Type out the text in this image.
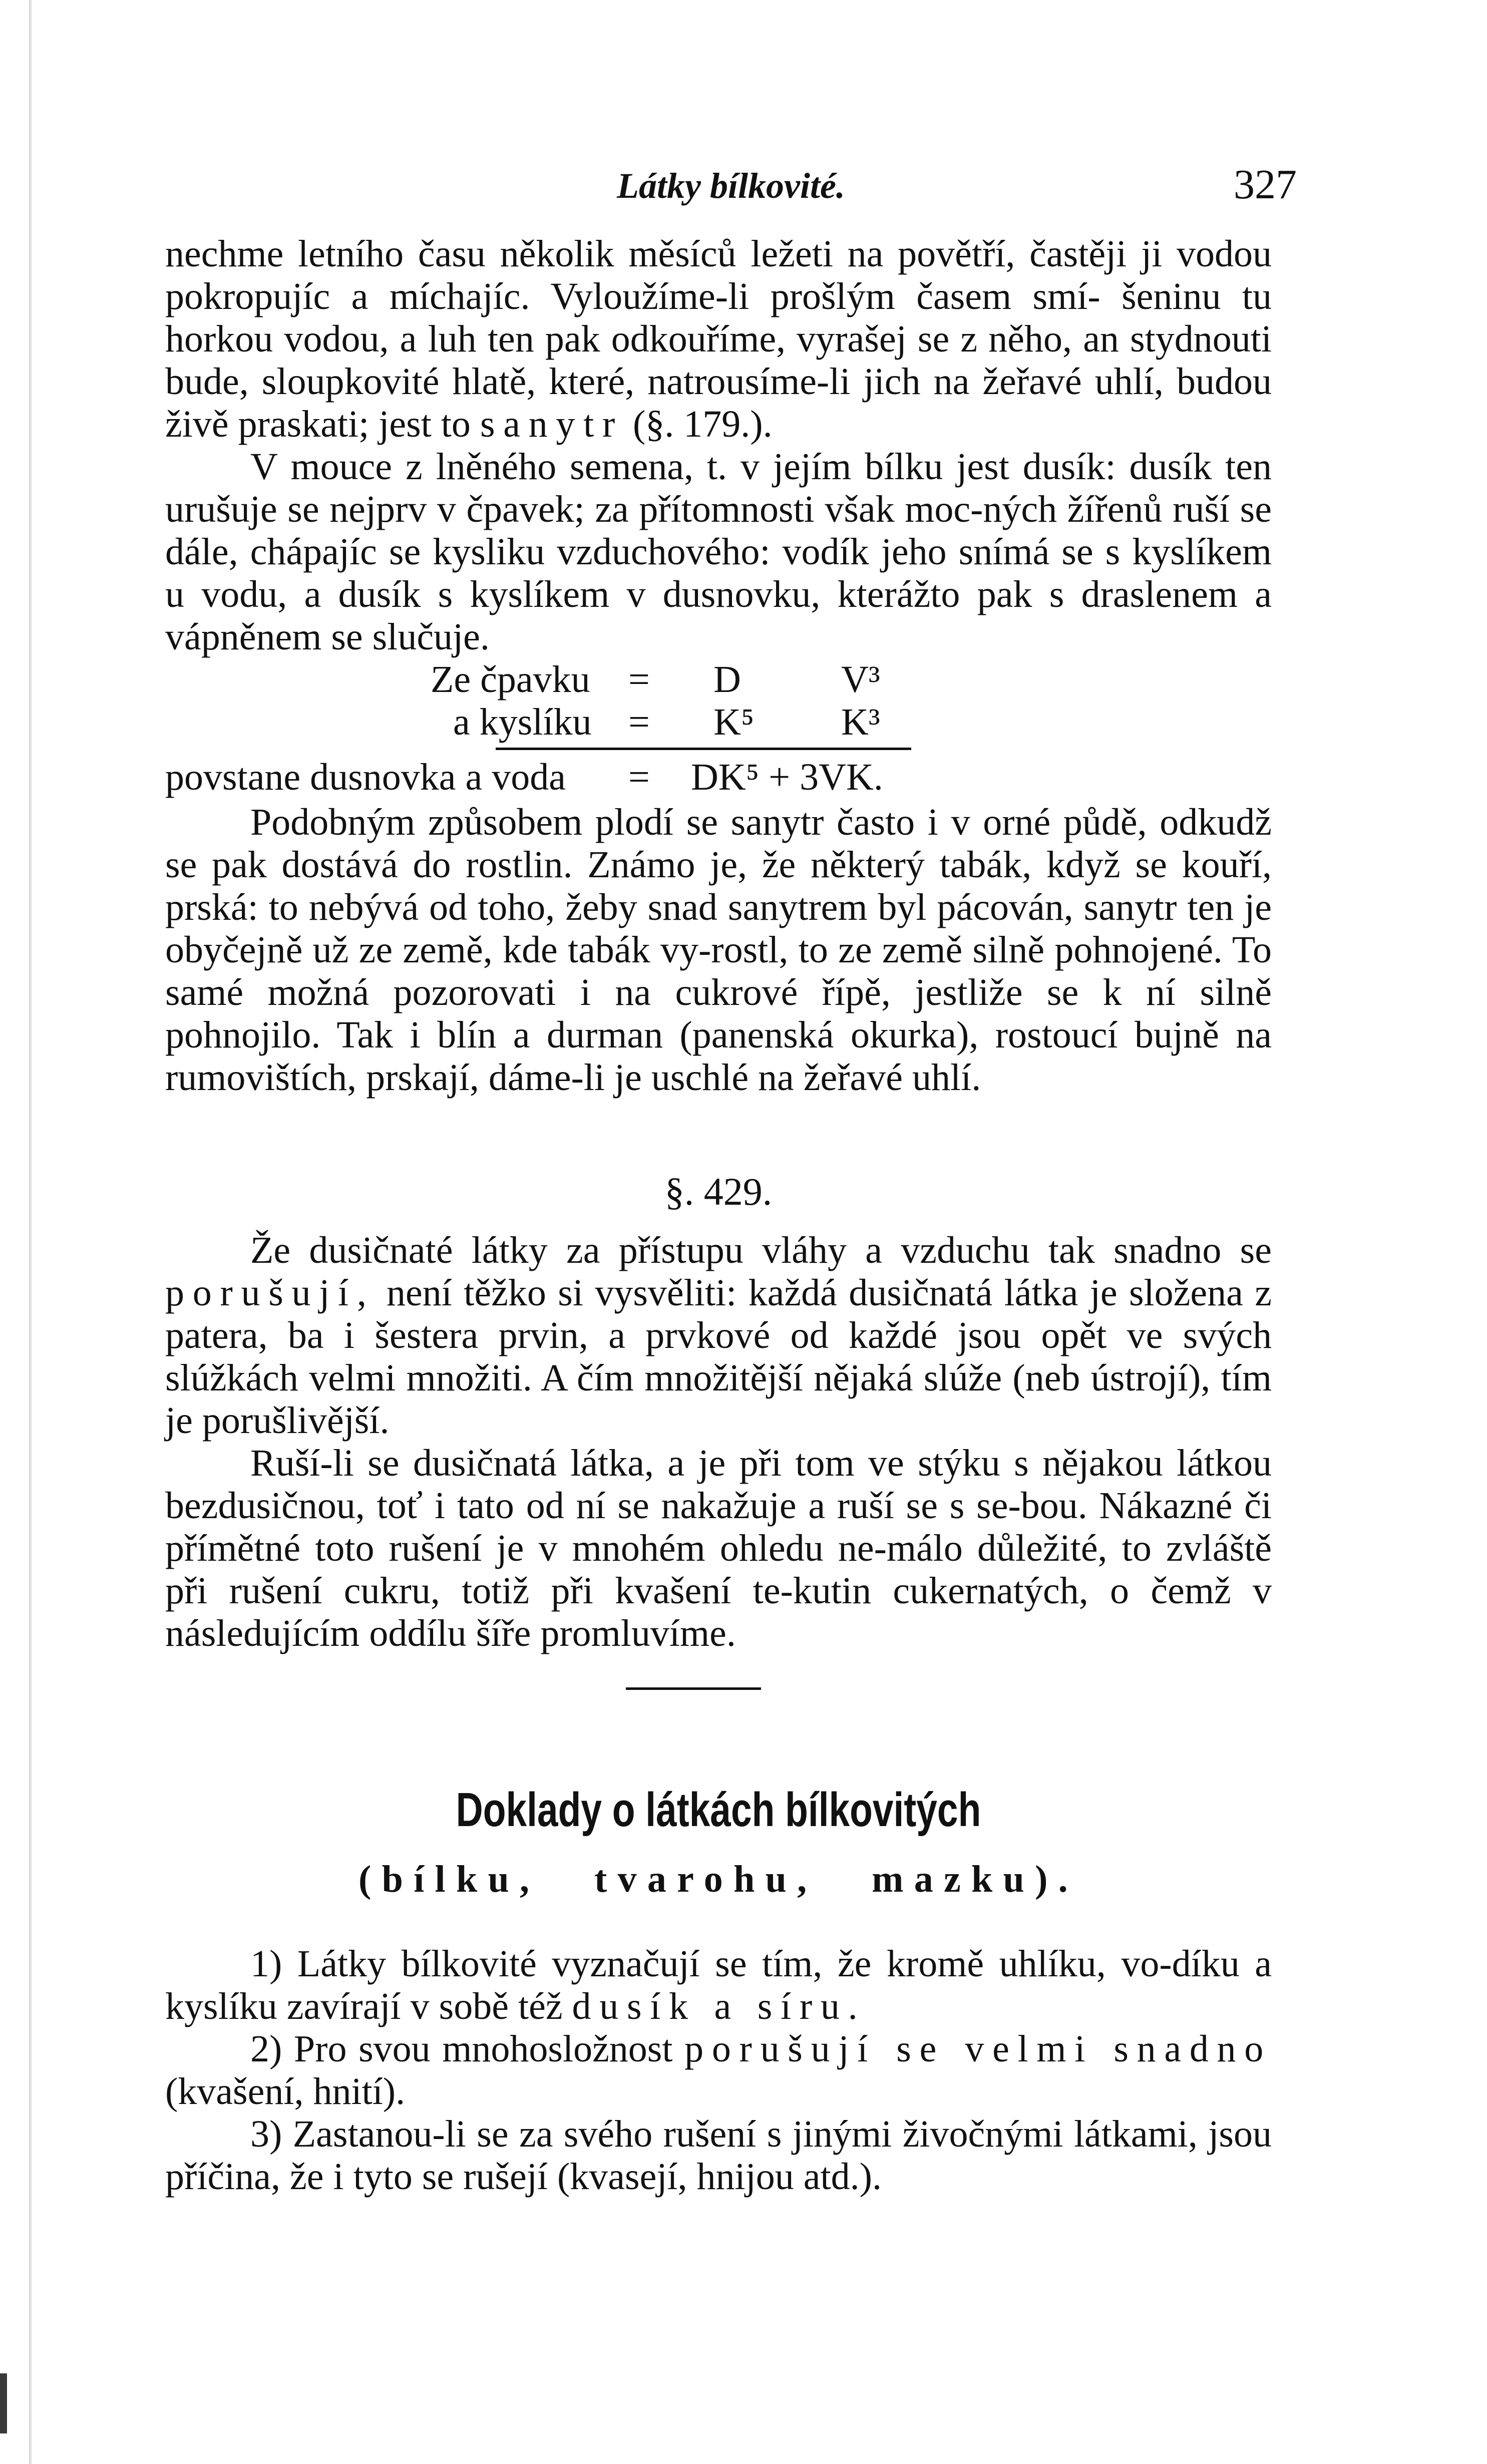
Látky bílkovité.	327

nechme letního času několik měsíců ležeti na povětří, častěji ji vodou pokropujíc a míchajíc. Vyloužíme-li prošlým časem smí- šeninu tu horkou vodou, a luh ten pak odkouříme, vyrašej se z něho, an stydnouti bude, sloupkovité hlatě, které, natrousíme-li jich na žeřavé uhlí, budou živě praskati; jest to sanytr (§. 179.).

V mouce z lněného semena, t. v jejím bílku jest dusík: dusík ten urušuje se nejprv v čpavek; za přítomnosti však moc-ných žířenů ruší se dále, chápajíc se kysliku vzduchového: vodík jeho snímá se s kyslíkem u vodu, a dusík s kyslíkem v dusnovku, kterážto pak s draslenem a vápněnem se slučuje.

Ze čpavku = D	V³
a kyslíku = K⁵ K³
povstane dusnovka a voda = DK⁵ + 3VK.

Podobným způsobem plodí se sanytr často i v orné půdě, odkudž se pak dostává do rostlin. Známo je, že některý tabák, když se kouří, prská: to nebývá od toho, žeby snad sanytrem byl pácován, sanytr ten je obyčejně už ze země, kde tabák vy-rostl, to ze země silně pohnojené. To samé možná pozorovati i na cukrové řípě, jestliže se k ní silně pohnojilo. Tak i blín a durman (panenská okurka), rostoucí bujně na rumovištích, prskají, dáme-li je uschlé na žeřavé uhlí.

§. 429.

Že dusičnaté látky za přístupu vláhy a vzduchu tak snadno se porušují, není těžko si vysvěliti: každá dusičnatá látka je složena z patera, ba i šestera prvin, a prvkové od každé jsou opět ve svých slúžkách velmi množiti. A čím množitější nějaká slúže (neb ústrojí), tím je porušlivější.

Ruší-li se dusičnatá látka, a je při tom ve stýku s nějakou látkou bezdusičnou, toť i tato od ní se nakažuje a ruší se s se-bou. Nákazné či přímětné toto rušení je v mnohém ohledu ne-málo důležité, to zvláště při rušení cukru, totiž při kvašení te-kutin cukernatých, o čemž v následujícím oddílu šíře promluvíme.

Doklady o látkách bílkovitých
(bílku, tvarohu, mazku).

1) Látky bílkovité vyznačují se tím, že kromě uhlíku, vo-díku a kyslíku zavírají v sobě též dusík a síru.

2) Pro svou mnohosložnost porušují se velmi snadno (kvašení, hnití).

3) Zastanou-li se za svého rušení s jinými živočnými látkami, jsou příčina, že i tyto se rušejí (kvasejí, hnijou atd.).
